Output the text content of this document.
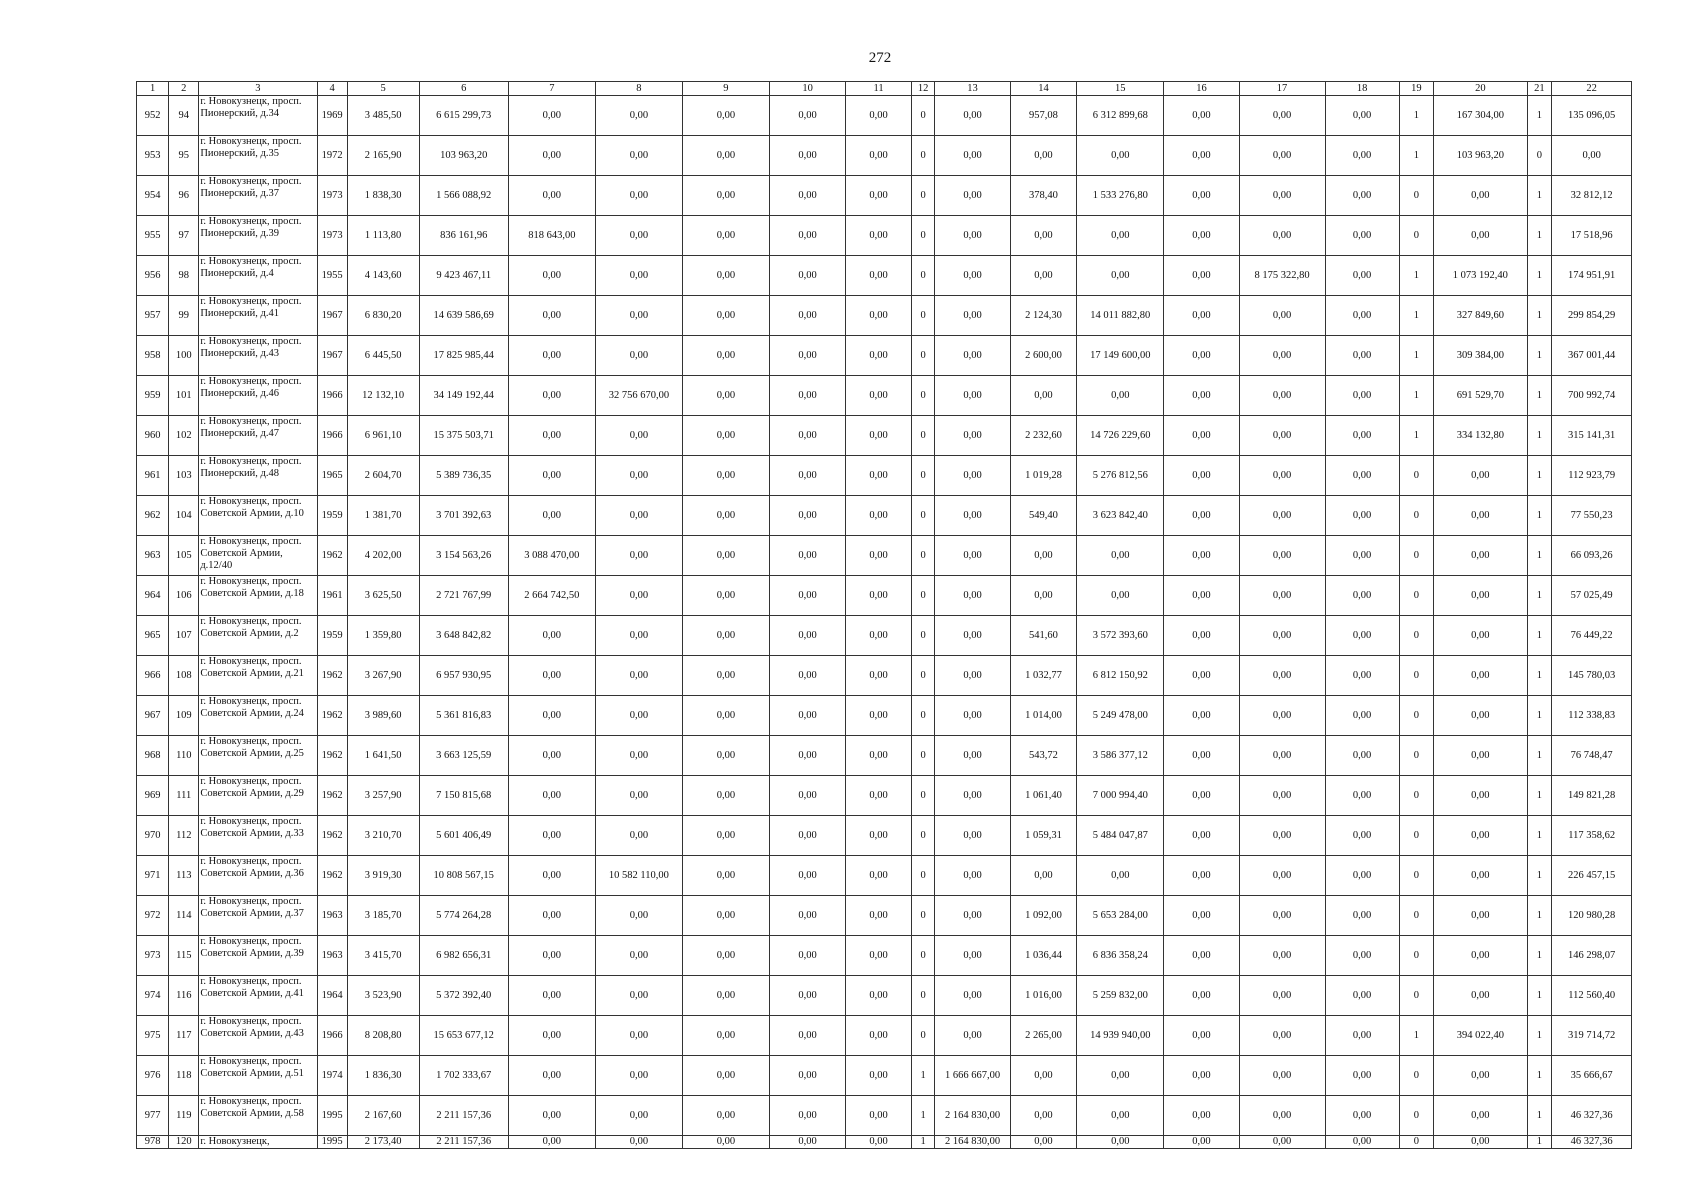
272
1	2	3	4	5	6	7	8	9	10	11	12	13	14	15	16	17	18	19	20	21	22
952	94	г. Новокузнецк, просп. Пионерский, д.34	1969	3 485,50	6 615 299,73	0,00	0,00	0,00	0,00	0,00	0	0,00	957,08	6 312 899,68	0,00	0,00	0,00	1	167 304,00	1	135 096,05
953	95	г. Новокузнецк, просп. Пионерский, д.35	1972	2 165,90	103 963,20	0,00	0,00	0,00	0,00	0,00	0	0,00	0,00	0,00	0,00	0,00	0,00	1	103 963,20	0	0,00
954	96	г. Новокузнецк, просп. Пионерский, д.37	1973	1 838,30	1 566 088,92	0,00	0,00	0,00	0,00	0,00	0	0,00	378,40	1 533 276,80	0,00	0,00	0,00	0	0,00	1	32 812,12
955	97	г. Новокузнецк, просп. Пионерский, д.39	1973	1 113,80	836 161,96	818 643,00	0,00	0,00	0,00	0,00	0	0,00	0,00	0,00	0,00	0,00	0,00	0	0,00	1	17 518,96
956	98	г. Новокузнецк, просп. Пионерский, д.4	1955	4 143,60	9 423 467,11	0,00	0,00	0,00	0,00	0,00	0	0,00	0,00	0,00	0,00	8 175 322,80	0,00	1	1 073 192,40	1	174 951,91
957	99	г. Новокузнецк, просп. Пионерский, д.41	1967	6 830,20	14 639 586,69	0,00	0,00	0,00	0,00	0,00	0	0,00	2 124,30	14 011 882,80	0,00	0,00	0,00	1	327 849,60	1	299 854,29
958	100	г. Новокузнецк, просп. Пионерский, д.43	1967	6 445,50	17 825 985,44	0,00	0,00	0,00	0,00	0,00	0	0,00	2 600,00	17 149 600,00	0,00	0,00	0,00	1	309 384,00	1	367 001,44
959	101	г. Новокузнецк, просп. Пионерский, д.46	1966	12 132,10	34 149 192,44	0,00	32 756 670,00	0,00	0,00	0,00	0	0,00	0,00	0,00	0,00	0,00	0,00	1	691 529,70	1	700 992,74
960	102	г. Новокузнецк, просп. Пионерский, д.47	1966	6 961,10	15 375 503,71	0,00	0,00	0,00	0,00	0,00	0	0,00	2 232,60	14 726 229,60	0,00	0,00	0,00	1	334 132,80	1	315 141,31
961	103	г. Новокузнецк, просп. Пионерский, д.48	1965	2 604,70	5 389 736,35	0,00	0,00	0,00	0,00	0,00	0	0,00	1 019,28	5 276 812,56	0,00	0,00	0,00	0	0,00	1	112 923,79
962	104	г. Новокузнецк, просп. Советской Армии, д.10	1959	1 381,70	3 701 392,63	0,00	0,00	0,00	0,00	0,00	0	0,00	549,40	3 623 842,40	0,00	0,00	0,00	0	0,00	1	77 550,23
963	105	г. Новокузнецк, просп. Советской Армии, д.12/40	1962	4 202,00	3 154 563,26	3 088 470,00	0,00	0,00	0,00	0,00	0	0,00	0,00	0,00	0,00	0,00	0,00	0	0,00	1	66 093,26
964	106	г. Новокузнецк, просп. Советской Армии, д.18	1961	3 625,50	2 721 767,99	2 664 742,50	0,00	0,00	0,00	0,00	0	0,00	0,00	0,00	0,00	0,00	0,00	0	0,00	1	57 025,49
965	107	г. Новокузнецк, просп. Советской Армии, д.2	1959	1 359,80	3 648 842,82	0,00	0,00	0,00	0,00	0,00	0	0,00	541,60	3 572 393,60	0,00	0,00	0,00	0	0,00	1	76 449,22
966	108	г. Новокузнецк, просп. Советской Армии, д.21	1962	3 267,90	6 957 930,95	0,00	0,00	0,00	0,00	0,00	0	0,00	1 032,77	6 812 150,92	0,00	0,00	0,00	0	0,00	1	145 780,03
967	109	г. Новокузнецк, просп. Советской Армии, д.24	1962	3 989,60	5 361 816,83	0,00	0,00	0,00	0,00	0,00	0	0,00	1 014,00	5 249 478,00	0,00	0,00	0,00	0	0,00	1	112 338,83
968	110	г. Новокузнецк, просп. Советской Армии, д.25	1962	1 641,50	3 663 125,59	0,00	0,00	0,00	0,00	0,00	0	0,00	543,72	3 586 377,12	0,00	0,00	0,00	0	0,00	1	76 748,47
969	111	г. Новокузнецк, просп. Советской Армии, д.29	1962	3 257,90	7 150 815,68	0,00	0,00	0,00	0,00	0,00	0	0,00	1 061,40	7 000 994,40	0,00	0,00	0,00	0	0,00	1	149 821,28
970	112	г. Новокузнецк, просп. Советской Армии, д.33	1962	3 210,70	5 601 406,49	0,00	0,00	0,00	0,00	0,00	0	0,00	1 059,31	5 484 047,87	0,00	0,00	0,00	0	0,00	1	117 358,62
971	113	г. Новокузнецк, просп. Советской Армии, д.36	1962	3 919,30	10 808 567,15	0,00	10 582 110,00	0,00	0,00	0,00	0	0,00	0,00	0,00	0,00	0,00	0,00	0	0,00	1	226 457,15
972	114	г. Новокузнецк, просп. Советской Армии, д.37	1963	3 185,70	5 774 264,28	0,00	0,00	0,00	0,00	0,00	0	0,00	1 092,00	5 653 284,00	0,00	0,00	0,00	0	0,00	1	120 980,28
973	115	г. Новокузнецк, просп. Советской Армии, д.39	1963	3 415,70	6 982 656,31	0,00	0,00	0,00	0,00	0,00	0	0,00	1 036,44	6 836 358,24	0,00	0,00	0,00	0	0,00	1	146 298,07
974	116	г. Новокузнецк, просп. Советской Армии, д.41	1964	3 523,90	5 372 392,40	0,00	0,00	0,00	0,00	0,00	0	0,00	1 016,00	5 259 832,00	0,00	0,00	0,00	0	0,00	1	112 560,40
975	117	г. Новокузнецк, просп. Советской Армии, д.43	1966	8 208,80	15 653 677,12	0,00	0,00	0,00	0,00	0,00	0	0,00	2 265,00	14 939 940,00	0,00	0,00	0,00	1	394 022,40	1	319 714,72
976	118	г. Новокузнецк, просп. Советской Армии, д.51	1974	1 836,30	1 702 333,67	0,00	0,00	0,00	0,00	0,00	1	1 666 667,00	0,00	0,00	0,00	0,00	0,00	0	0,00	1	35 666,67
977	119	г. Новокузнецк, просп. Советской Армии, д.58	1995	2 167,60	2 211 157,36	0,00	0,00	0,00	0,00	0,00	1	2 164 830,00	0,00	0,00	0,00	0,00	0,00	0	0,00	1	46 327,36
978	120	г. Новокузнецк,	1995	2 173,40	2 211 157,36	0,00	0,00	0,00	0,00	0,00	1	2 164 830,00	0,00	0,00	0,00	0,00	0,00	0	0,00	1	46 327,36
